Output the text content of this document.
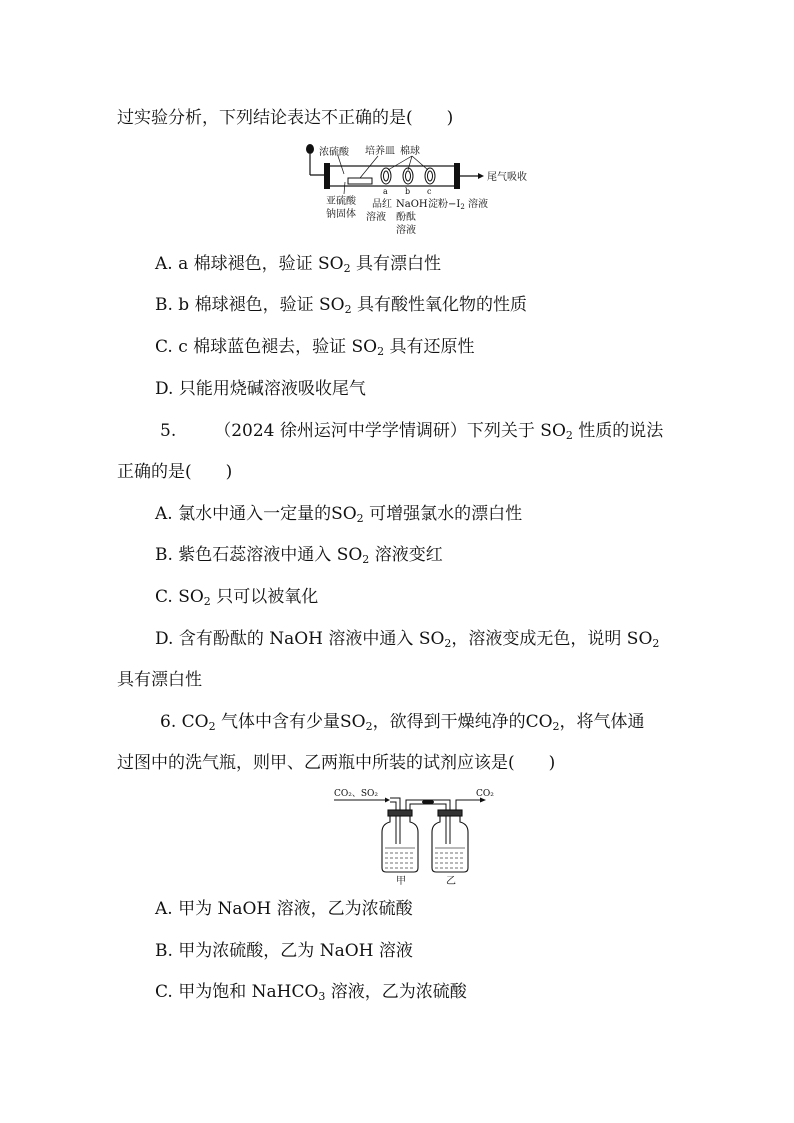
过实验分析，下列结论表达不正确的是(　　)
浓硫酸 培养皿 棉球
尾气吸收
亚硫酸
钠固体
a b c
品红
溶液
NaOH
酚酞
溶液
淀粉$-I_2$ 溶液
A. a 棉球褪色，验证 $SO_2$ 具有漂白性
B. b 棉球褪色，验证 $SO_2$ 具有酸性氧化物的性质
C. c 棉球蓝色褪去，验证 $SO_2$ 具有还原性
D. 只能用烧碱溶液吸收尾气
5. （2024 徐州运河中学学情调研）下列关于 $SO_2$ 性质的说法
正确的是(　　)
A. 氯水中通入一定量的$SO_2$ 可增强氯水的漂白性
B. 紫色石蕊溶液中通入 $SO_2$ 溶液变红
C. $SO_2$ 只可以被氧化
D. 含有酚酞的 NaOH 溶液中通入 $SO_2$，溶液变成无色，说明 $SO_2$
具有漂白性
6. $CO_2$ 气体中含有少量$SO_2$，欲得到干燥纯净的$CO_2$，将气体通
过图中的洗气瓶，则甲、乙两瓶中所装的试剂应该是(　　)
CO₂、SO₂	CO₂
甲	乙
A. 甲为 NaOH 溶液，乙为浓硫酸
B. 甲为浓硫酸，乙为 NaOH 溶液
C. 甲为饱和 NaHCO$_3$ 溶液，乙为浓硫酸
